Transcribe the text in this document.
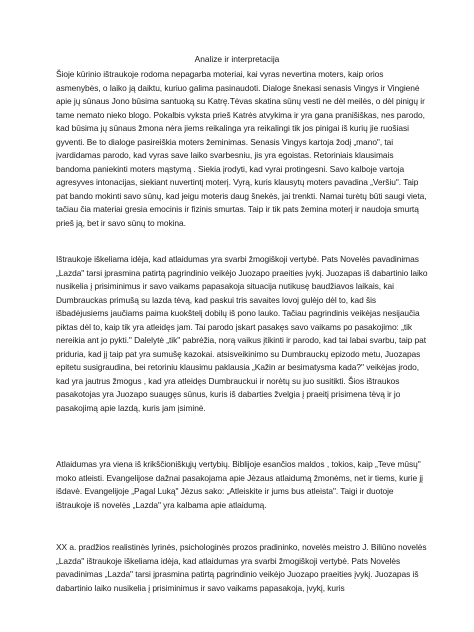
Analize ir interpretacija

Šioje kūrinio ištraukoje rodoma nepagarba moteriai, kai vyras nevertina moters, kaip orios asmenybės, o laiko ją daiktu, kuriuo galima pasinaudoti. Dialoge šnekasi senasis Vingys ir Vingienė apie jų sūnaus Jono būsima santuoką su Katrę.Tėvas skatina sūnų vesti ne dėl meilės, o dėl pinigų ir tame nemato nieko blogo. Pokalbis vyksta prieš Katrės atvykima ir yra gana pranišiškas, nes parodo, kad būsima jų sūnaus žmona nėra jiems reikalinga yra reikalingi tik jos pinigai iš kurių jie ruošiasi gyventi. Be to dialoge pasireiškia moters žeminimas. Senasis Vingys kartoja žodį „mano", tai įvardidamas parodo, kad vyras save laiko svarbesniu, jis yra egoistas. Retoriniais klausimais bandoma paniekinti moters mąstymą . Siekia įrodyti, kad vyrai protingesni. Savo kalboje vartoja agresyves intonacijas, siekiant nuvertintį moterį. Vyrą, kuris klausytų moters pavadina „Veršiu". Taip pat bando mokinti savo sūnų, kad jeigu moteris daug šnekės, jai trenkti. Namai turėtų būti saugi vieta, tačiau čia materiai gresia emocinis ir fizinis smurtas. Taip ir tik pats žemina moterį ir naudoja smurtą prieš ją, bet ir savo sūnų to mokina.

Ištraukoje iškeliama idėja, kad atlaidumas yra svarbi žmogiškoji vertybė. Pats Novelės pavadinimas „Lazda" tarsi įprasmina patirtą pagrindinio veikėjo Juozapo praeities įvykį. Juozapas iš dabartinio laiko nusikelia į prisiminimus ir savo vaikams papasakoja situacija nutikusę baudžiavos laikais, kai Dumbrauckas primušą su lazda tėvą, kad paskui tris savaites lovoj gulėjo dėl to, kad šis išbadėjusiems jaučiams paima kuokštelį dobilų iš pono lauko. Tačiau pagrindinis veikėjas nesijaučia piktas dėl to, kaip tik yra atleidęs jam. Tai parodo įskart pasakęs savo vaikams po pasakojimo: „tik nereikia ant jo pykti." Dalelytė „tik" pabrėžia, norą vaikus įtikinti ir parodo, kad tai labai svarbu, taip pat priduria, kad jį taip pat yra sumušę kazokai. atsisveikinimo su Dumbrauckų epizodo metu, Juozapas epitetu susigraudina, bei retoriniu klausimu paklausia „Kažin ar besimatysma kada?" veikėjas įrodo, kad yra jautrus žmogus , kad yra atleidęs Dumbrauckui ir norėtų su juo susitikti. Šios ištraukos pasakotojas yra Juozapo suaugęs sūnus, kuris iš dabarties žvelgia į praeitį prisimena tėvą ir jo pasakojimą apie lazdą, kuris jam įsiminė.

Atlaidumas yra viena iš krikščioniškųjų vertybių. Biblijoje esančios maldos , tokios, kaip „Teve mūsų" moko atleisti. Evangelijose dažnai pasakojama apie Jėzaus atlaidumą žmonėms, net ir tiems, kurie jį išdavė. Evangelijoje „Pagal Luką" Jėzus sako: „Atleiskite ir jums bus atleista". Taigi ir duotoje ištraukoje iš novelės „Lazda" yra kalbama apie atlaidumą.

XX a. pradžios realistinės lyrinės, psichologinės prozos pradininko, novelės meistro J. Biliūno novelės „Lazda" ištraukoje iškeliama idėja, kad atlaidumas yra svarbi žmogiškoji vertybė. Pats Novelės pavadinimas „Lazda" tarsi įprasmina patirtą pagrindinio veikėjo Juozapo praeities įvykį. Juozapas iš dabartinio laiko nusikelia į prisiminimus ir savo vaikams papasakoja, įvykį, kuris
